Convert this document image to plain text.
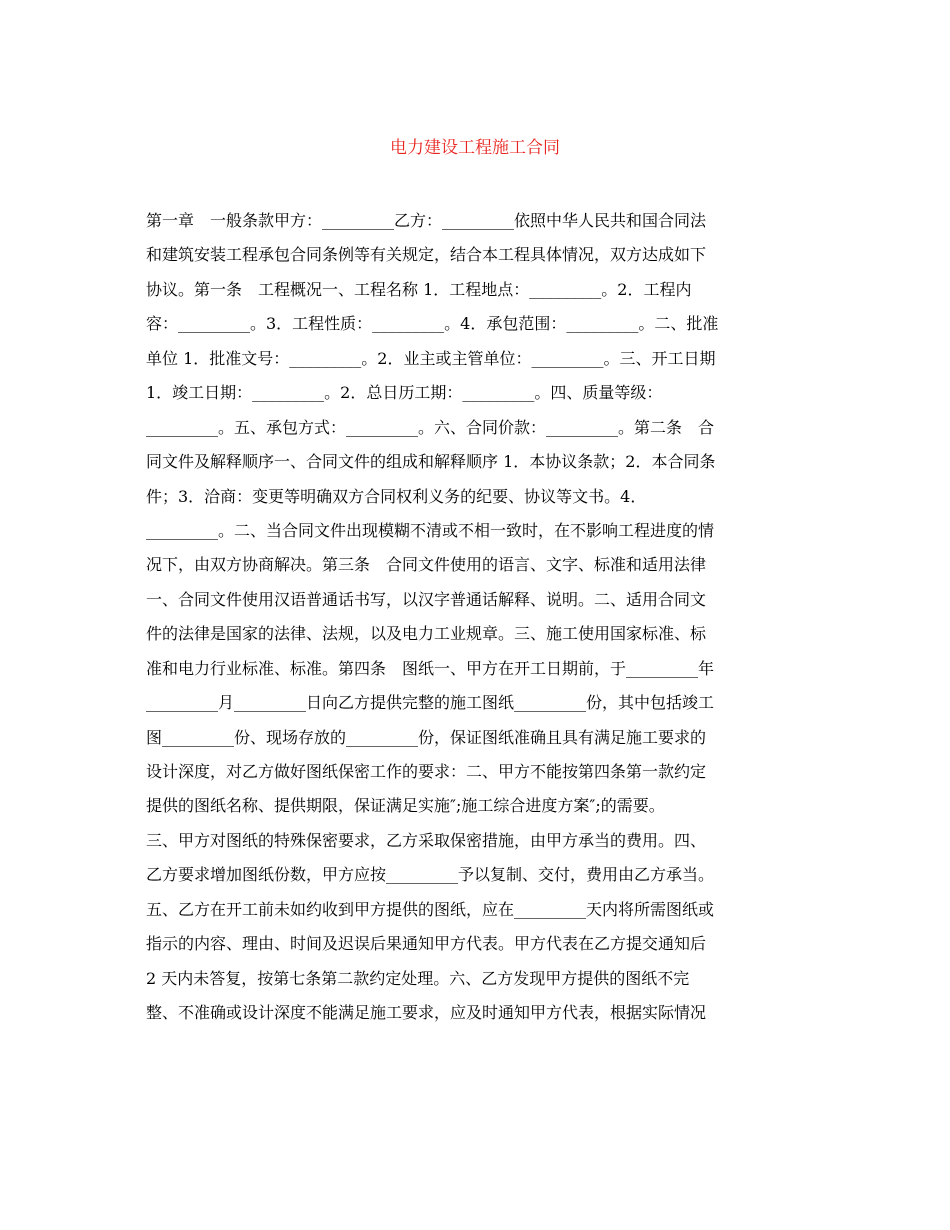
电力建设工程施工合同
第一章　一般条款甲方：_________乙方：_________依照中华人民共和国合同法
和建筑安装工程承包合同条例等有关规定，结合本工程具体情况，双方达成如下
协议。第一条　工程概况一、工程名称 1．工程地点：_________。2．工程内
容：_________。3．工程性质：_________。4．承包范围：_________。二、批准
单位 1．批准文号：_________。2．业主或主管单位：_________。三、开工日期
1．竣工日期：_________。2．总日历工期：_________。四、质量等级：
_________。五、承包方式：_________。六、合同价款：_________。第二条　合
同文件及解释顺序一、合同文件的组成和解释顺序 1．本协议条款；2．本合同条
件；3．洽商：变更等明确双方合同权利义务的纪要、协议等文书。4．
_________。二、当合同文件出现模糊不清或不相一致时，在不影响工程进度的情
况下，由双方协商解决。第三条　合同文件使用的语言、文字、标准和适用法律
一、合同文件使用汉语普通话书写，以汉字普通话解释、说明。二、适用合同文
件的法律是国家的法律、法规，以及电力工业规章。三、施工使用国家标准、标
准和电力行业标准、标准。第四条　图纸一、甲方在开工日期前，于_________年
_________月_________日向乙方提供完整的施工图纸_________份，其中包括竣工
图_________份、现场存放的_________份，保证图纸准确且具有满足施工要求的
设计深度，对乙方做好图纸保密工作的要求：二、甲方不能按第四条第一款约定
提供的图纸名称、提供期限，保证满足实施″;施工综合进度方案″;的需要。
三、甲方对图纸的特殊保密要求，乙方采取保密措施，由甲方承当的费用。四、
乙方要求增加图纸份数，甲方应按_________予以复制、交付，费用由乙方承当。
五、乙方在开工前未如约收到甲方提供的图纸，应在_________天内将所需图纸或
指示的内容、理由、时间及迟误后果通知甲方代表。甲方代表在乙方提交通知后
2 天内未答复，按第七条第二款约定处理。六、乙方发现甲方提供的图纸不完
整、不准确或设计深度不能满足施工要求，应及时通知甲方代表，根据实际情况
